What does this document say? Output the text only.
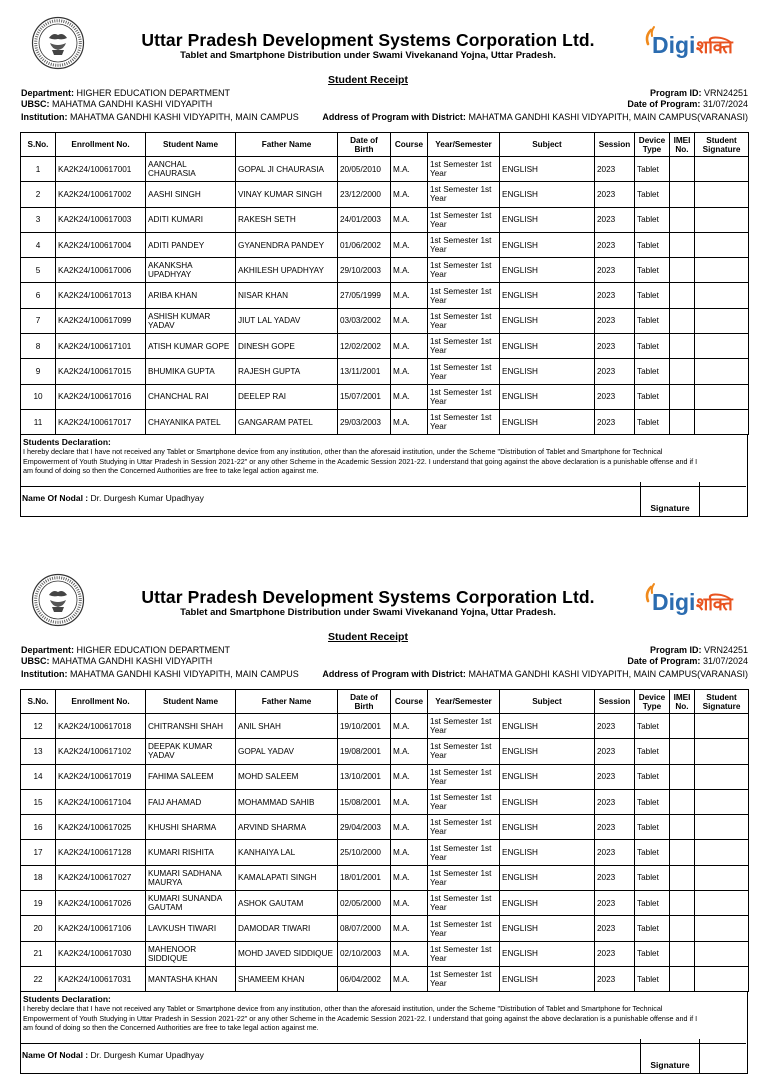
Uttar Pradesh Development Systems Corporation Ltd.
Tablet and Smartphone Distribution under Swami Vivekanand Yojna, Uttar Pradesh.	Digi शक्ति
Student Receipt
Department: HIGHER EDUCATION DEPARTMENT
UBSC: MAHATMA GANDHI KASHI VIDYAPITH
Institution: MAHATMA GANDHI KASHI VIDYAPITH, MAIN CAMPUS
Program ID: VRN24251
Date of Program: 31/07/2024
Address of Program with District: MAHATMA GANDHI KASHI VIDYAPITH, MAIN CAMPUS(VARANASI)
S.No.	Enrollment No.	Student Name	Father Name	Date of Birth	Course	Year/Semester	Subject	Session	Device Type	IMEI No.	Student Signature
1	KA2K24/100617001	AANCHAL CHAURASIA	GOPAL JI CHAURASIA	20/05/2010	M.A.	1st Semester 1st Year	ENGLISH	2023	Tablet		
2	KA2K24/100617002	AASHI SINGH	VINAY KUMAR SINGH	23/12/2000	M.A.	1st Semester 1st Year	ENGLISH	2023	Tablet		
3	KA2K24/100617003	ADITI KUMARI	RAKESH SETH	24/01/2003	M.A.	1st Semester 1st Year	ENGLISH	2023	Tablet		
4	KA2K24/100617004	ADITI PANDEY	GYANENDRA PANDEY	01/06/2002	M.A.	1st Semester 1st Year	ENGLISH	2023	Tablet		
5	KA2K24/100617006	AKANKSHA UPADHYAY	AKHILESH UPADHYAY	29/10/2003	M.A.	1st Semester 1st Year	ENGLISH	2023	Tablet		
6	KA2K24/100617013	ARIBA KHAN	NISAR KHAN	27/05/1999	M.A.	1st Semester 1st Year	ENGLISH	2023	Tablet		
7	KA2K24/100617099	ASHISH KUMAR YADAV	JIUT LAL YADAV	03/03/2002	M.A.	1st Semester 1st Year	ENGLISH	2023	Tablet		
8	KA2K24/100617101	ATISH KUMAR GOPE	DINESH GOPE	12/02/2002	M.A.	1st Semester 1st Year	ENGLISH	2023	Tablet		
9	KA2K24/100617015	BHUMIKA GUPTA	RAJESH GUPTA	13/11/2001	M.A.	1st Semester 1st Year	ENGLISH	2023	Tablet		
10	KA2K24/100617016	CHANCHAL RAI	DEELEP RAI	15/07/2001	M.A.	1st Semester 1st Year	ENGLISH	2023	Tablet		
11	KA2K24/100617017	CHAYANIKA PATEL	GANGARAM PATEL	29/03/2003	M.A.	1st Semester 1st Year	ENGLISH	2023	Tablet		
Students Declaration:
I hereby declare that I have not received any Tablet or Smartphone device from any institution, other than the aforesaid institution, under the Scheme "Distribution of Tablet and Smartphone for Technical Empowerment of Youth Studying in Uttar Pradesh in Session 2021-22" or any other Scheme in the Academic Session 2021-22. I understand that going against the above declaration is a punishable offense and if I am found of doing so then the Concerned Authorities are free to take legal action against me.
Name Of Nodal : Dr. Durgesh Kumar Upadhyay
Signature
Uttar Pradesh Development Systems Corporation Ltd.
Tablet and Smartphone Distribution under Swami Vivekanand Yojna, Uttar Pradesh.	Digi शक्ति
Student Receipt
Department: HIGHER EDUCATION DEPARTMENT
UBSC: MAHATMA GANDHI KASHI VIDYAPITH
Institution: MAHATMA GANDHI KASHI VIDYAPITH, MAIN CAMPUS
Program ID: VRN24251
Date of Program: 31/07/2024
Address of Program with District: MAHATMA GANDHI KASHI VIDYAPITH, MAIN CAMPUS(VARANASI)
S.No.	Enrollment No.	Student Name	Father Name	Date of Birth	Course	Year/Semester	Subject	Session	Device Type	IMEI No.	Student Signature
12	KA2K24/100617018	CHITRANSHI SHAH	ANIL SHAH	19/10/2001	M.A.	1st Semester 1st Year	ENGLISH	2023	Tablet		
13	KA2K24/100617102	DEEPAK KUMAR YADAV	GOPAL YADAV	19/08/2001	M.A.	1st Semester 1st Year	ENGLISH	2023	Tablet		
14	KA2K24/100617019	FAHIMA SALEEM	MOHD SALEEM	13/10/2001	M.A.	1st Semester 1st Year	ENGLISH	2023	Tablet		
15	KA2K24/100617104	FAIJ AHAMAD	MOHAMMAD SAHIB	15/08/2001	M.A.	1st Semester 1st Year	ENGLISH	2023	Tablet		
16	KA2K24/100617025	KHUSHI SHARMA	ARVIND SHARMA	29/04/2003	M.A.	1st Semester 1st Year	ENGLISH	2023	Tablet		
17	KA2K24/100617128	KUMARI RISHITA	KANHAIYA LAL	25/10/2000	M.A.	1st Semester 1st Year	ENGLISH	2023	Tablet		
18	KA2K24/100617027	KUMARI SADHANA MAURYA	KAMALAPATI SINGH	18/01/2001	M.A.	1st Semester 1st Year	ENGLISH	2023	Tablet		
19	KA2K24/100617026	KUMARI SUNANDA GAUTAM	ASHOK GAUTAM	02/05/2000	M.A.	1st Semester 1st Year	ENGLISH	2023	Tablet		
20	KA2K24/100617106	LAVKUSH TIWARI	DAMODAR TIWARI	08/07/2000	M.A.	1st Semester 1st Year	ENGLISH	2023	Tablet		
21	KA2K24/100617030	MAHENOOR SIDDIQUE	MOHD JAVED SIDDIQUE	02/10/2003	M.A.	1st Semester 1st Year	ENGLISH	2023	Tablet		
22	KA2K24/100617031	MANTASHA KHAN	SHAMEEM KHAN	06/04/2002	M.A.	1st Semester 1st Year	ENGLISH	2023	Tablet		
Students Declaration:
I hereby declare that I have not received any Tablet or Smartphone device from any institution, other than the aforesaid institution, under the Scheme "Distribution of Tablet and Smartphone for Technical Empowerment of Youth Studying in Uttar Pradesh in Session 2021-22" or any other Scheme in the Academic Session 2021-22. I understand that going against the above declaration is a punishable offense and if I am found of doing so then the Concerned Authorities are free to take legal action against me.
Name Of Nodal : Dr. Durgesh Kumar Upadhyay
Signature
